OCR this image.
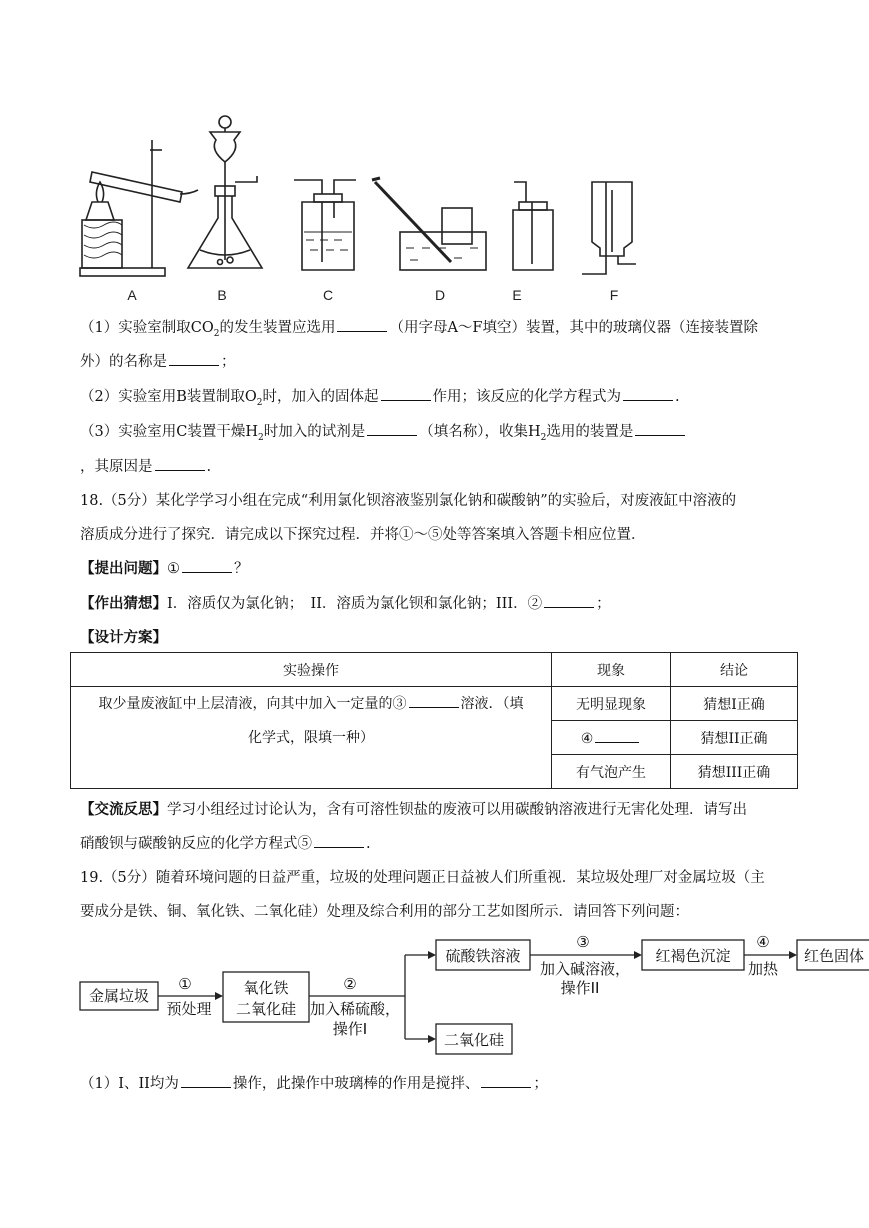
A	B	C	D	E	F
（1）实验室制取$CO_2$的发生装置应选用	（用字母A～F填空）装置，其中的玻璃仪器（连接装置除
外）的名称是	；
（2）实验室用B装置制取$O_2$时，加入的固体起	作用；该反应的化学方程式为	.
（3）实验室用C装置干燥$H_2$时加入的试剂是	（填名称），收集$H_2$选用的装置是
，其原因是	.
18.（5分）某化学学习小组在完成“利用氯化钡溶液鉴别氯化钠和碳酸钠”的实验后，对废液缸中溶液的
溶质成分进行了探究．请完成以下探究过程．并将①～⑤处等答案填入答题卡相应位置．
【提出问题】①	？
【作出猜想】I．溶质仅为氯化钠；　II．溶质为氯化钡和氯化钠；III．②	；
【设计方案】
实验操作	现象	结论
取少量废液缸中上层清液，向其中加入一定量的③ 溶液．（填
化学式，限填一种）	无明显现象	猜想I正确
	④	猜想II正确
	有气泡产生	猜想III正确
【交流反思】学习小组经过讨论认为，含有可溶性钡盐的废液可以用碳酸钠溶液进行无害化处理．请写出
硝酸钡与碳酸钠反应的化学方程式⑤	.
19.（5分）随着环境问题的日益严重，垃圾的处理问题正日益被人们所重视．某垃圾处理厂对金属垃圾（主
要成分是铁、铜、氧化铁、二氧化硅）处理及综合利用的部分工艺如图所示．请回答下列问题：
金属垃圾
①
预处理
氧化铁
二氧化硅
②
加入稀硫酸，
操作I
硫酸铁溶液
二氧化硅
③
加入碱溶液，
操作II
红褐色沉淀
④
加热
红色固体
（1）I、II均为	操作，此操作中玻璃棒的作用是搅拌、	；
